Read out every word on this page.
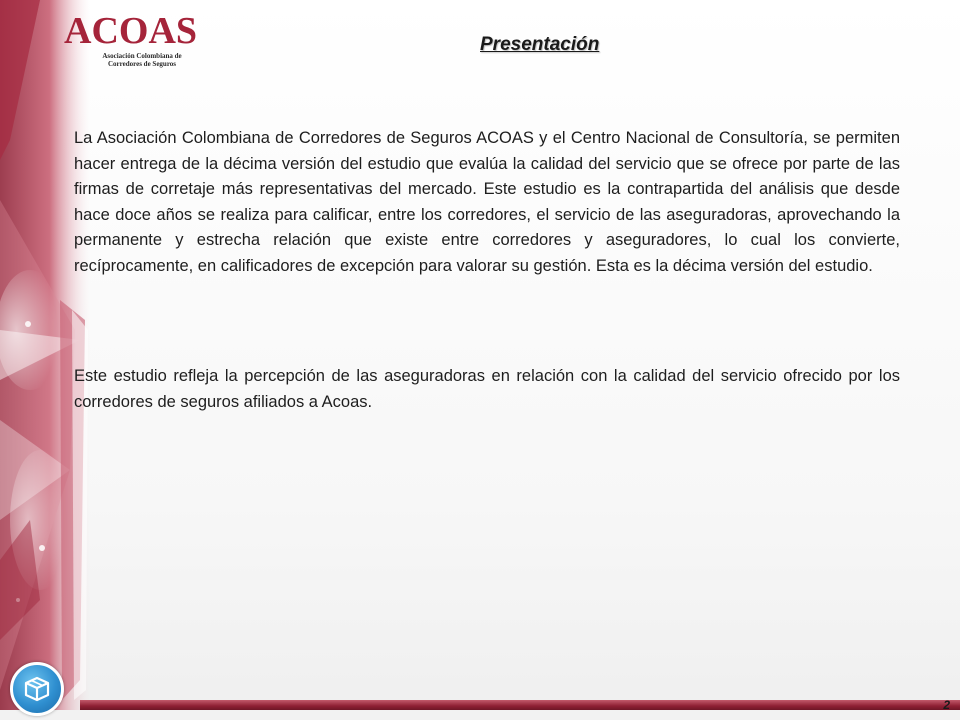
ACOAS
Asociación Colombiana de
Corredores de Seguros
Presentación

La Asociación Colombiana de Corredores de Seguros ACOAS y el Centro Nacional de Consultoría, se permiten hacer entrega de la décima versión del estudio que evalúa la calidad del servicio que se ofrece por parte de las firmas de corretaje más representativas del mercado. Este estudio es la contrapartida del análisis que desde hace doce años se realiza para calificar, entre los corredores, el servicio de las aseguradoras, aprovechando la permanente y estrecha relación que existe entre corredores y aseguradores, lo cual los convierte, recíprocamente, en calificadores de excepción para valorar su gestión. Esta es la décima versión del estudio.

Este estudio refleja la percepción de las aseguradoras en relación con la calidad del servicio ofrecido por los corredores de seguros afiliados a Acoas.

2
